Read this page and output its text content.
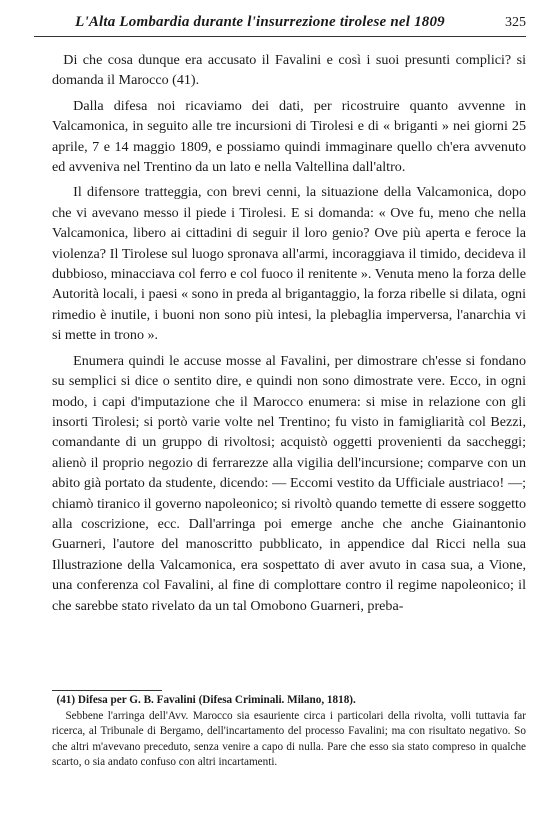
L'Alta Lombardia durante l'insurrezione tirolese nel 1809	325

Di che cosa dunque era accusato il Favalini e così i suoi presunti complici? si domanda il Marocco (41).

Dalla difesa noi ricaviamo dei dati, per ricostruire quanto avvenne in Valcamonica, in seguito alle tre incursioni di Tirolesi e di « briganti » nei giorni 25 aprile, 7 e 14 maggio 1809, e possiamo quindi immaginare quello ch'era avvenuto ed avveniva nel Trentino da un lato e nella Valtellina dall'altro.

Il difensore tratteggia, con brevi cenni, la situazione della Valcamonica, dopo che vi avevano messo il piede i Tirolesi. E si domanda: « Ove fu, meno che nella Valcamonica, libero ai cittadini di seguir il loro genio? Ove più aperta e feroce la violenza? Il Tirolese sul luogo spronava all'armi, incoraggiava il timido, decideva il dubbioso, minacciava col ferro e col fuoco il renitente ». Venuta meno la forza delle Autorità locali, i paesi « sono in preda al brigantaggio, la forza ribelle si dilata, ogni rimedio è inutile, i buoni non sono più intesi, la plebaglia imperversa, l'anarchia vi si mette in trono ».

Enumera quindi le accuse mosse al Favalini, per dimostrare ch'esse si fondano su semplici si dice o sentito dire, e quindi non sono dimostrate vere. Ecco, in ogni modo, i capi d'imputazione che il Marocco enumera: si mise in relazione con gli insorti Tirolesi; si portò varie volte nel Trentino; fu visto in famigliarità col Bezzi, comandante di un gruppo di rivoltosi; acquistò oggetti provenienti da saccheggi; alienò il proprio negozio di ferrarezze alla vigilia dell'incursione; comparve con un abito già portato da studente, dicendo: — Eccomi vestito da Ufficiale austriaco! —; chiamò tiranico il governo napoleonico; si rivoltò quando temette di essere soggetto alla coscrizione, ecc. Dall'arringa poi emerge anche che anche Giainantonio Guarneri, l'autore del manoscritto pubblicato, in appendice dal Ricci nella sua Illustrazione della Valcamonica, era sospettato di aver avuto in casa sua, a Vione, una conferenza col Favalini, al fine di complottare contro il regime napoleonico; il che sarebbe stato rivelato da un tal Omobono Guarneri, preba-

(41) Difesa per G. B. Favalini (Difesa Criminali. Milano, 1818).

Sebbene l'arringa dell'Avv. Marocco sia esauriente circa i particolari della rivolta, volli tuttavia far ricerca, al Tribunale di Bergamo, dell'incartamento del processo Favalini; ma con risultato negativo. So che altri m'avevano preceduto, senza venire a capo di nulla. Pare che esso sia stato compreso in qualche scarto, o sia andato confuso con altri incartamenti.
